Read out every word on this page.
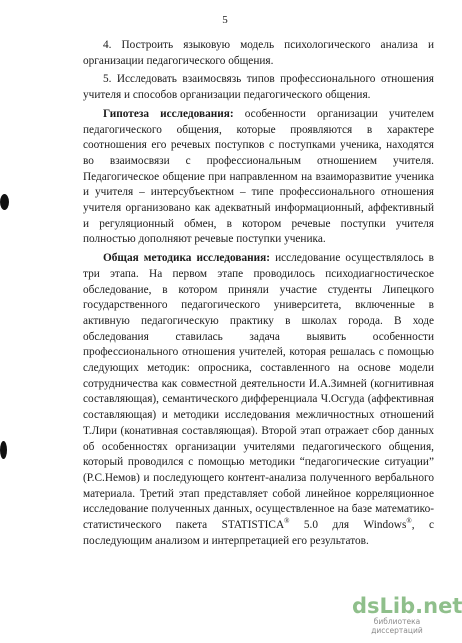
5

4. Построить языковую модель психологического анализа и организации педагогического общения.

5. Исследовать взаимосвязь типов профессионального отношения учителя и способов организации педагогического общения.

Гипотеза исследования: особенности организации учителем педагогического общения, которые проявляются в характере соотношения его речевых поступков с поступками ученика, находятся во взаимосвязи с профессиональным отношением учителя. Педагогическое общение при направленном на взаиморазвитие ученика и учителя – интерсубъектном – типе профессионального отношения учителя организовано как адекватный информационный, аффективный и регуляционный обмен, в котором речевые поступки учителя полностью дополняют речевые поступки ученика.

Общая методика исследования: исследование осуществлялось в три этапа. На первом этапе проводилось психодиагностическое обследование, в котором приняли участие студенты Липецкого государственного педагогического университета, включенные в активную педагогическую практику в школах города. В ходе обследования ставилась задача выявить особенности профессионального отношения учителей, которая решалась с помощью следующих методик: опросника, составленного на основе модели сотрудничества как совместной деятельности И.А.Зимней (когнитивная составляющая), семантического дифференциала Ч.Осгуда (аффективная составляющая) и методики исследования межличностных отношений Т.Лири (конативная составляющая). Второй этап отражает сбор данных об особенностях организации учителями педагогического общения, который проводился с помощью методики “педагогические ситуации” (Р.С.Немов) и последующего контент-анализа полученного вербального материала. Третий этап представляет собой линейное корреляционное исследование полученных данных, осуществленное на базе математико-статистического пакета STATISTICA® 5.0 для Windows®, с последующим анализом и интерпретацией его результатов.

dsLib.net
библиотека диссертаций
